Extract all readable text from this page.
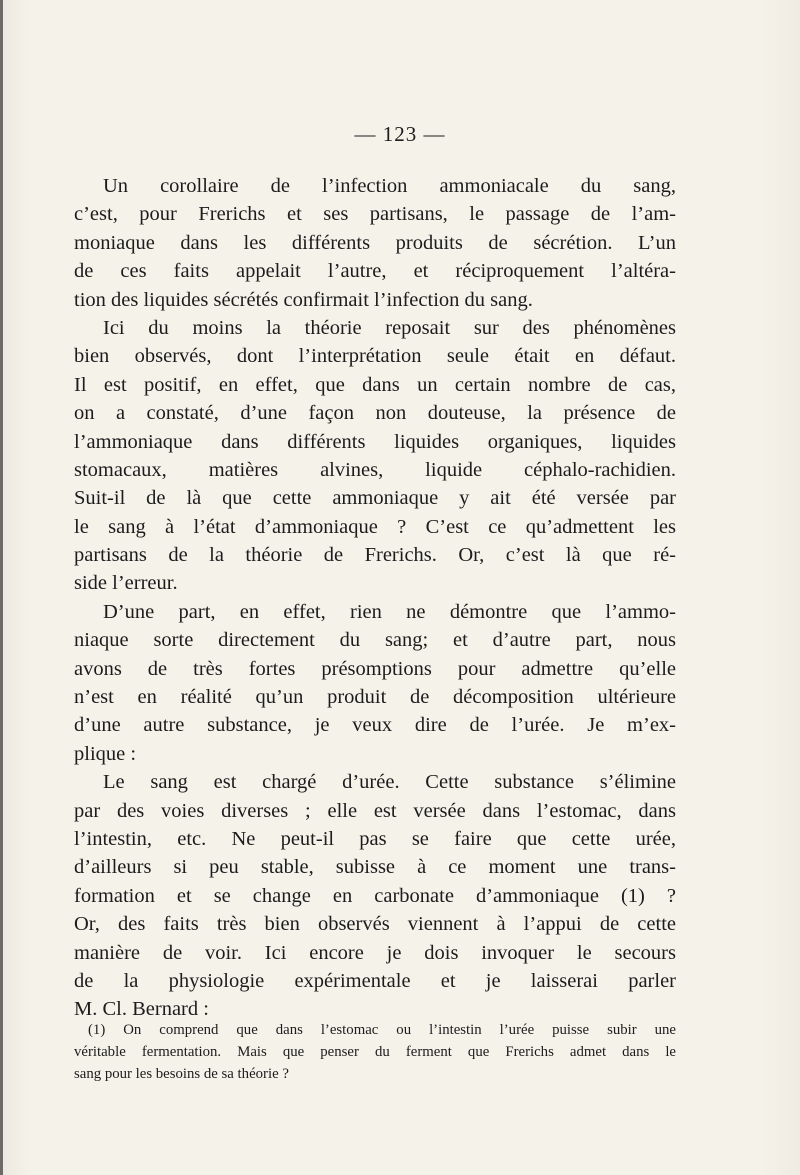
— 123 —
Un corollaire de l’infection ammoniacale du sang,
c’est, pour Frerichs et ses partisans, le passage de l’am-
moniaque dans les différents produits de sécrétion. L’un
de ces faits appelait l’autre, et réciproquement l’altéra-
tion des liquides sécrétés confirmait l’infection du sang.
Ici du moins la théorie reposait sur des phénomènes
bien observés, dont l’interprétation seule était en défaut.
Il est positif, en effet, que dans un certain nombre de cas,
on a constaté, d’une façon non douteuse, la présence de
l’ammoniaque dans différents liquides organiques, liquides
stomacaux, matières alvines, liquide céphalo-rachidien.
Suit-il de là que cette ammoniaque y ait été versée par
le sang à l’état d’ammoniaque ? C’est ce qu’admettent les
partisans de la théorie de Frerichs. Or, c’est là que ré-
side l’erreur.
D’une part, en effet, rien ne démontre que l’ammo-
niaque sorte directement du sang; et d’autre part, nous
avons de très fortes présomptions pour admettre qu’elle
n’est en réalité qu’un produit de décomposition ultérieure
d’une autre substance, je veux dire de l’urée. Je m’ex-
plique :
Le sang est chargé d’urée. Cette substance s’élimine
par des voies diverses ; elle est versée dans l’estomac, dans
l’intestin, etc. Ne peut-il pas se faire que cette urée,
d’ailleurs si peu stable, subisse à ce moment une trans-
formation et se change en carbonate d’ammoniaque (1) ?
Or, des faits très bien observés viennent à l’appui de cette
manière de voir. Ici encore je dois invoquer le secours
de la physiologie expérimentale et je laisserai parler
M. Cl. Bernard :
(1) On comprend que dans l’estomac ou l’intestin l’urée puisse subir une
véritable fermentation. Mais que penser du ferment que Frerichs admet dans le
sang pour les besoins de sa théorie ?
